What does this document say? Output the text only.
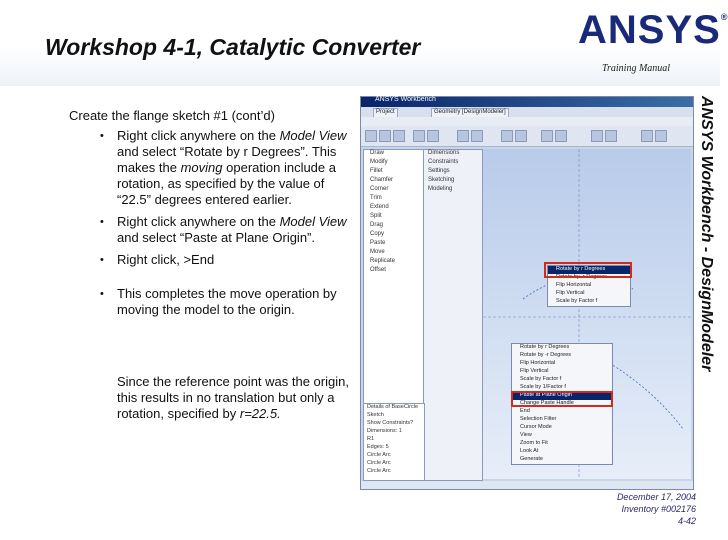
Workshop 4-1, Catalytic Converter	ANSYS®
Training Manual
Create the flange sketch #1 (cont’d)
• Right click anywhere on the Model View and select “Rotate by r Degrees”. This makes the moving operation include a rotation, as specified by the value of “22.5” degrees entered earlier.
• Right click anywhere on the Model View and select “Paste at Plane Origin”.
• Right click, >End
• This completes the move operation by moving the model to the origin.
Since the reference point was the origin, this results in no translation but only a rotation, specified by r=22.5.
ANSYS Workbench
Project	Geometry [DesignModeler]
Draw
Modify
Fillet
Chamfer
Corner
Trim
Extend
Split
Drag
Copy
Paste
Move
Replicate
Offset
Dimensions
Constraints
Settings
Sketching
Modeling
Details of BaseCircle
Sketch
Show Constraints?
Dimensions: 1
R1
Edges: 5
Circle Arc
Circle Arc
Circle Arc
Rotate by r Degrees
Rotate by -r Degrees
Flip Horizontal
Flip Vertical
Scale by Factor f
Rotate by r Degrees
Rotate by -r Degrees
Flip Horizontal
Flip Vertical
Scale by Factor f
Scale by 1/Factor f
Paste at Plane Origin
Change Paste Handle
End
Selection Filter
Cursor Mode
View
Zoom to Fit
Look At
Generate
ANSYS Workbench - DesignModeler
December 17, 2004
Inventory #002176
4-42
